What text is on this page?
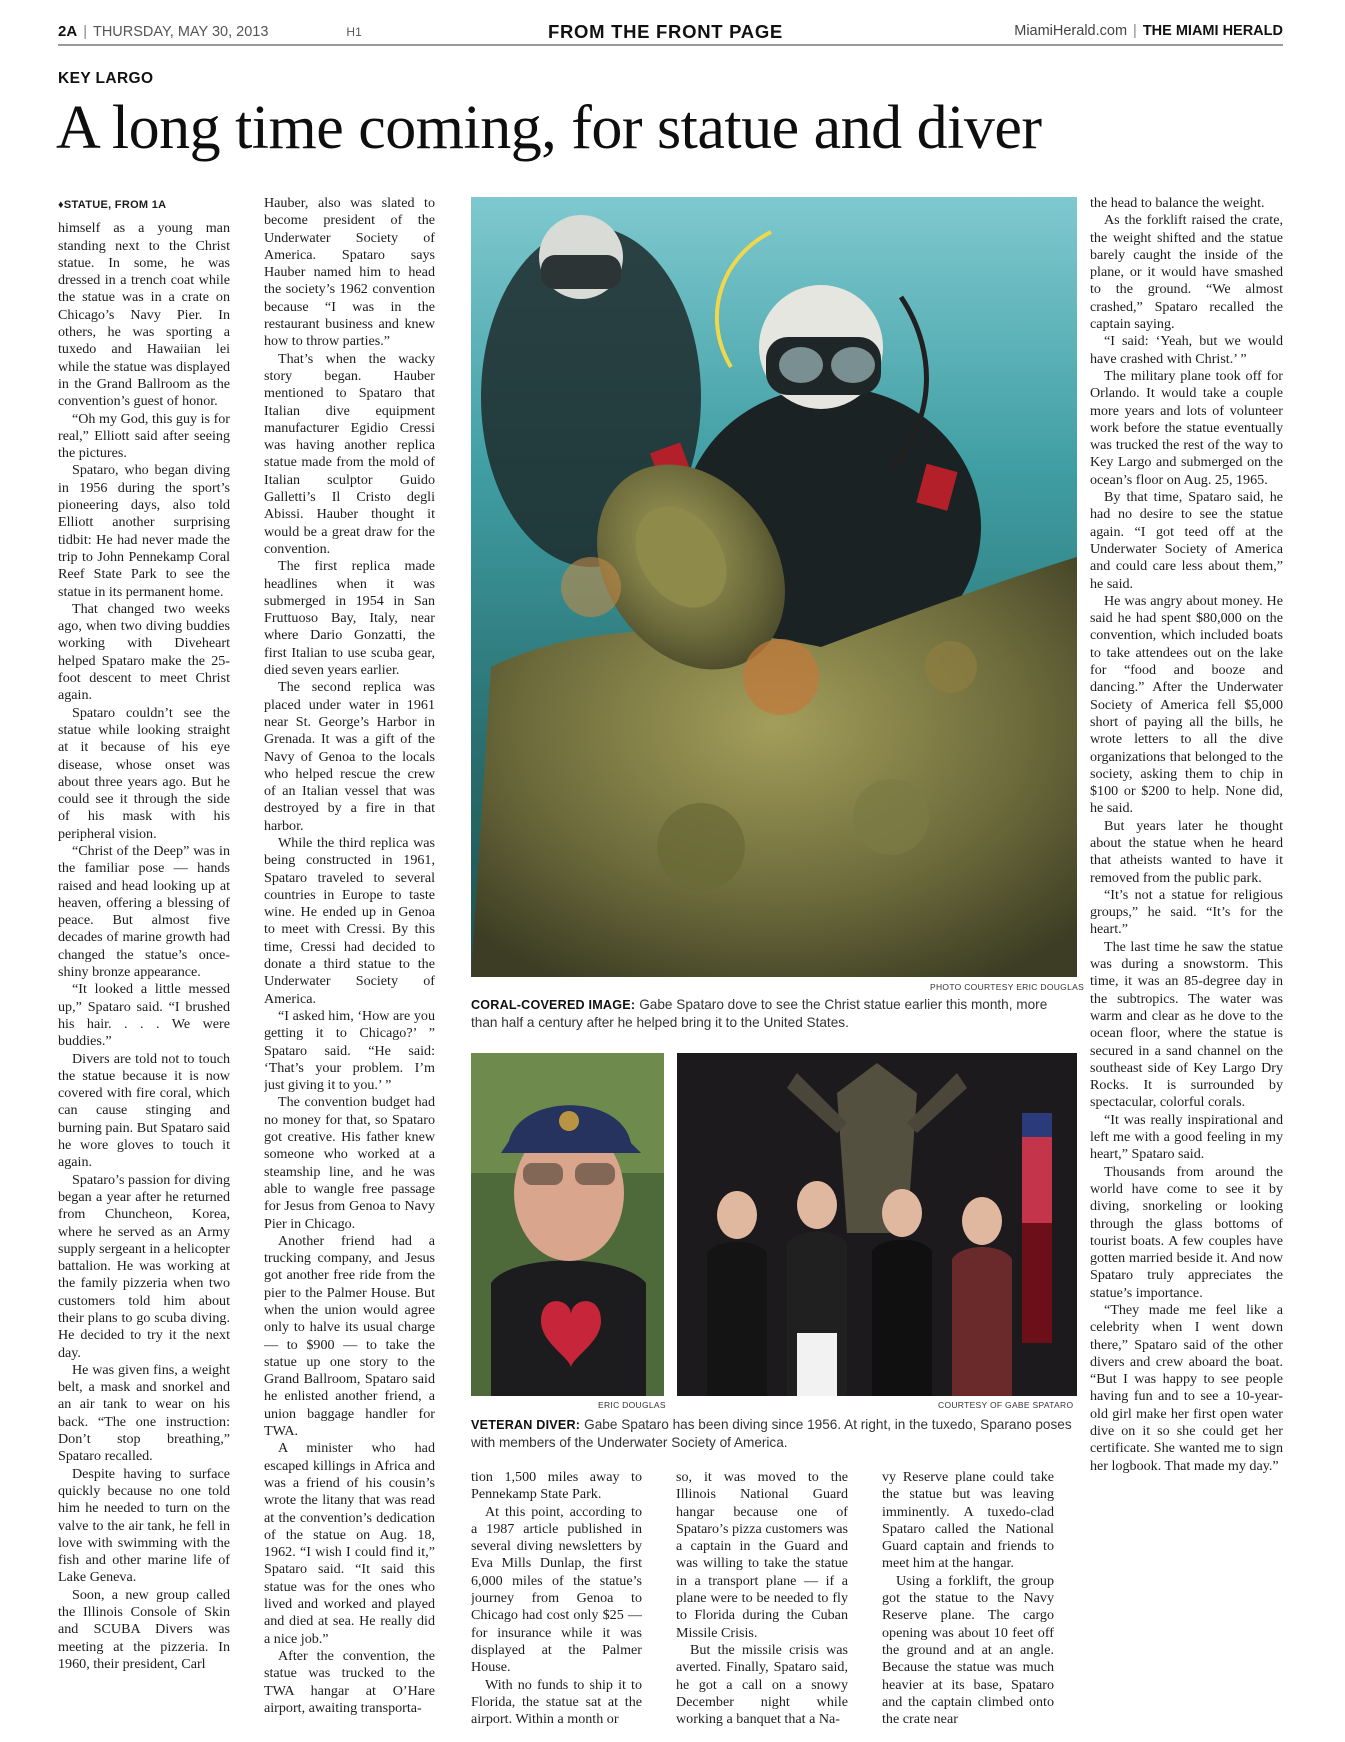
2A | THURSDAY, MAY 30, 2013	H1	FROM THE FRONT PAGE	MiamiHerald.com | THE MIAMI HERALD
KEY LARGO
A long time coming, for statue and diver
♦STATUE, FROM 1A

himself as a young man standing next to the Christ statue. In some, he was dressed in a trench coat while the statue was in a crate on Chicago’s Navy Pier. In others, he was sporting a tuxedo and Hawaiian lei while the statue was displayed in the Grand Ballroom as the convention’s guest of honor.

“Oh my God, this guy is for real,” Elliott said after seeing the pictures.

Spataro, who began diving in 1956 during the sport’s pioneering days, also told Elliott another surprising tidbit: He had never made the trip to John Pennekamp Coral Reef State Park to see the statue in its permanent home.

That changed two weeks ago, when two diving buddies working with Diveheart helped Spataro make the 25-foot descent to meet Christ again.

Spataro couldn’t see the statue while looking straight at it because of his eye disease, whose onset was about three years ago. But he could see it through the side of his mask with his peripheral vision.

“Christ of the Deep” was in the familiar pose — hands raised and head looking up at heaven, offering a blessing of peace. But almost five decades of marine growth had changed the statue’s once-shiny bronze appearance.

“It looked a little messed up,” Spataro said. “I brushed his hair. . . . We were buddies.”

Divers are told not to touch the statue because it is now covered with fire coral, which can cause stinging and burning pain. But Spataro said he wore gloves to touch it again.

Spataro’s passion for diving began a year after he returned from Chuncheon, Korea, where he served as an Army supply sergeant in a helicopter battalion. He was working at the family pizzeria when two customers told him about their plans to go scuba diving. He decided to try it the next day.

He was given fins, a weight belt, a mask and snorkel and an air tank to wear on his back. “The one instruction: Don’t stop breathing,” Spataro recalled.

Despite having to surface quickly because no one told him he needed to turn on the valve to the air tank, he fell in love with swimming with the fish and other marine life of Lake Geneva.

Soon, a new group called the Illinois Console of Skin and SCUBA Divers was meeting at the pizzeria. In 1960, their president, Carl

Hauber, also was slated to become president of the Underwater Society of America. Spataro says Hauber named him to head the society’s 1962 convention because “I was in the restaurant business and knew how to throw parties.”

That’s when the wacky story began. Hauber mentioned to Spataro that Italian dive equipment manufacturer Egidio Cressi was having another replica statue made from the mold of Italian sculptor Guido Galletti’s Il Cristo degli Abissi. Hauber thought it would be a great draw for the convention.

The first replica made headlines when it was submerged in 1954 in San Fruttuoso Bay, Italy, near where Dario Gonzatti, the first Italian to use scuba gear, died seven years earlier.

The second replica was placed under water in 1961 near St. George’s Harbor in Grenada. It was a gift of the Navy of Genoa to the locals who helped rescue the crew of an Italian vessel that was destroyed by a fire in that harbor.

While the third replica was being constructed in 1961, Spataro traveled to several countries in Europe to taste wine. He ended up in Genoa to meet with Cressi. By this time, Cressi had decided to donate a third statue to the Underwater Society of America.

“I asked him, ‘How are you getting it to Chicago?’ ” Spataro said. “He said: ‘That’s your problem. I’m just giving it to you.’ ”

The convention budget had no money for that, so Spataro got creative. His father knew someone who worked at a steamship line, and he was able to wangle free passage for Jesus from Genoa to Navy Pier in Chicago.

Another friend had a trucking company, and Jesus got another free ride from the pier to the Palmer House. But when the union would agree only to halve its usual charge — to $900 — to take the statue up one story to the Grand Ballroom, Spataro said he enlisted another friend, a union baggage handler for TWA.

A minister who had escaped killings in Africa and was a friend of his cousin’s wrote the litany that was read at the convention’s dedication of the statue on Aug. 18, 1962. “I wish I could find it,” Spataro said. “It said this statue was for the ones who lived and worked and played and died at sea. He really did a nice job.”

After the convention, the statue was trucked to the TWA hangar at O’Hare airport, awaiting transporta-

PHOTO COURTESY ERIC DOUGLAS
CORAL-COVERED IMAGE: Gabe Spataro dove to see the Christ statue earlier this month, more than half a century after he helped bring it to the United States.
ERIC DOUGLAS	COURTESY OF GABE SPATARO
VETERAN DIVER: Gabe Spataro has been diving since 1956. At right, in the tuxedo, Sparano poses with members of the Underwater Society of America.

tion 1,500 miles away to Pennekamp State Park.

At this point, according to a 1987 article published in several diving newsletters by Eva Mills Dunlap, the first 6,000 miles of the statue’s journey from Genoa to Chicago had cost only $25 — for insurance while it was displayed at the Palmer House.

With no funds to ship it to Florida, the statue sat at the airport. Within a month or

so, it was moved to the Illinois National Guard hangar because one of Spataro’s pizza customers was a captain in the Guard and was willing to take the statue in a transport plane — if a plane were to be needed to fly to Florida during the Cuban Missile Crisis.

But the missile crisis was averted. Finally, Spataro said, he got a call on a snowy December night while working a banquet that a Na-

vy Reserve plane could take the statue but was leaving imminently. A tuxedo-clad Spataro called the National Guard captain and friends to meet him at the hangar.

Using a forklift, the group got the statue to the Navy Reserve plane. The cargo opening was about 10 feet off the ground and at an angle. Because the statue was much heavier at its base, Spataro and the captain climbed onto the crate near

the head to balance the weight.

As the forklift raised the crate, the weight shifted and the statue barely caught the inside of the plane, or it would have smashed to the ground. “We almost crashed,” Spataro recalled the captain saying.

“I said: ‘Yeah, but we would have crashed with Christ.’ ”

The military plane took off for Orlando. It would take a couple more years and lots of volunteer work before the statue eventually was trucked the rest of the way to Key Largo and submerged on the ocean’s floor on Aug. 25, 1965.

By that time, Spataro said, he had no desire to see the statue again. “I got teed off at the Underwater Society of America and could care less about them,” he said.

He was angry about money. He said he had spent $80,000 on the convention, which included boats to take attendees out on the lake for “food and booze and dancing.” After the Underwater Society of America fell $5,000 short of paying all the bills, he wrote letters to all the dive organizations that belonged to the society, asking them to chip in $100 or $200 to help. None did, he said.

But years later he thought about the statue when he heard that atheists wanted to have it removed from the public park.

“It’s not a statue for religious groups,” he said. “It’s for the heart.”

The last time he saw the statue was during a snowstorm. This time, it was an 85-degree day in the subtropics. The water was warm and clear as he dove to the ocean floor, where the statue is secured in a sand channel on the southeast side of Key Largo Dry Rocks. It is surrounded by spectacular, colorful corals.

“It was really inspirational and left me with a good feeling in my heart,” Spataro said.

Thousands from around the world have come to see it by diving, snorkeling or looking through the glass bottoms of tourist boats. A few couples have gotten married beside it. And now Spataro truly appreciates the statue’s importance.

“They made me feel like a celebrity when I went down there,” Spataro said of the other divers and crew aboard the boat. “But I was happy to see people having fun and to see a 10-year-old girl make her first open water dive on it so she could get her certificate. She wanted me to sign her logbook. That made my day.”
